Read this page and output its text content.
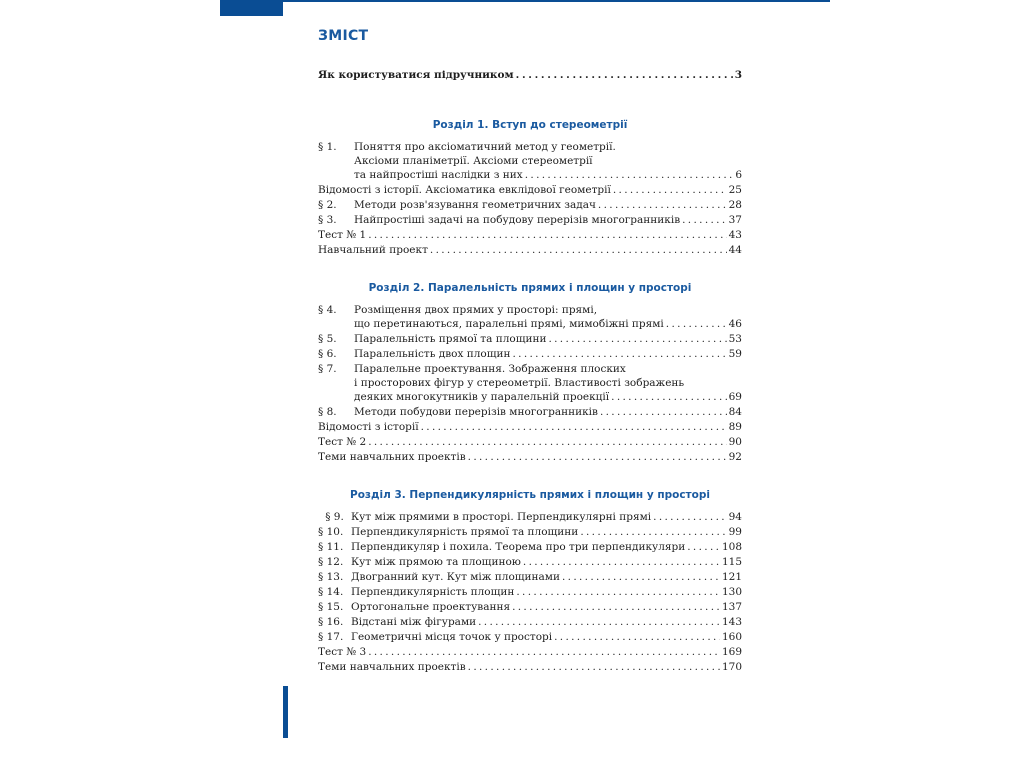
ЗМІСТ
Як користуватися підручником . . .	3
Розділ 1. Вступ до стереометрії
§ 1.	Поняття про аксіоматичний метод у геометрії.
Аксіоми планіметрії. Аксіоми стереометрії
та найпростіші наслідки з них . . .	6
Відомості з історії. Аксіоматика евклідової геометрії . . .	25
§ 2.	Методи розв'язування геометричних задач . . .	28
§ 3.	Найпростіші задачі на побудову перерізів многогранників . . .	37
Тест № 1 . . .	43
Навчальний проект . . .	44
Розділ 2. Паралельність прямих і площин у просторі
§ 4.	Розміщення двох прямих у просторі: прямі,
що перетинаються, паралельні прямі, мимобіжні прямі . . .	46
§ 5.	Паралельність прямої та площини . . .	53
§ 6.	Паралельність двох площин . . .	59
§ 7.	Паралельне проектування. Зображення плоских
і просторових фігур у стереометрії. Властивості зображень
деяких многокутників у паралельній проекції . . .	69
§ 8.	Методи побудови перерізів многогранників . . .	84
Відомості з історії . . .	89
Тест № 2 . . .	90
Теми навчальних проектів . . .	92
Розділ 3. Перпендикулярність прямих і площин у просторі
§ 9. Кут між прямими в просторі. Перпендикулярні прямі . . .	94
§ 10. Перпендикулярність прямої та площини . . .	99
§ 11. Перпендикуляр і похила. Теорема про три перпендикуляри . . .	108
§ 12. Кут між прямою та площиною . . .	115
§ 13. Двогранний кут. Кут між площинами . . .	121
§ 14. Перпендикулярність площин . . .	130
§ 15. Ортогональне проектування . . .	137
§ 16. Відстані між фігурами . . .	143
§ 17. Геометричні місця точок у просторі . . .	160
Тест № 3 . . .	169
Теми навчальних проектів . . .	170
